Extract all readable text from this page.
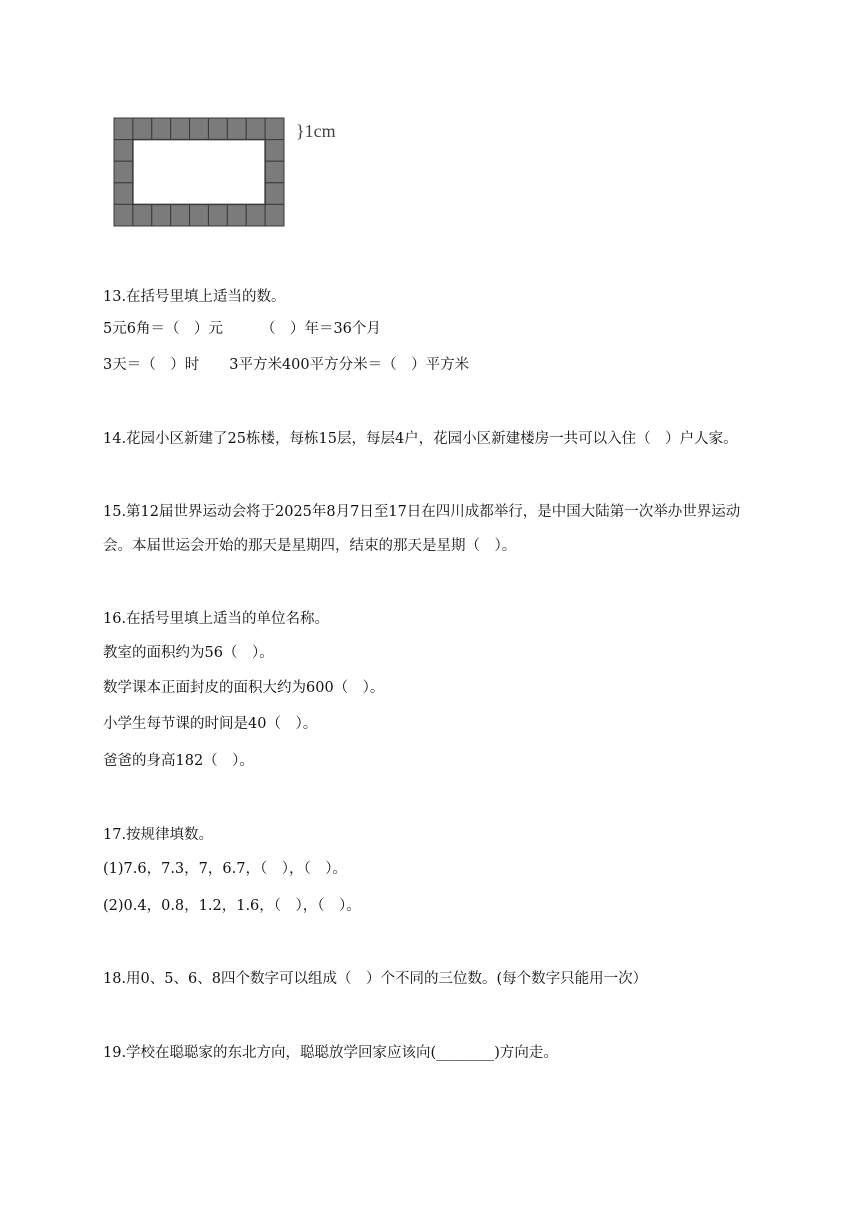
}1cm
13.在括号里填上适当的数。
5元6角＝（　）元	（　）年＝36个月
3天＝（　）时 3平方米400平方分米＝（　）平方米
14.花园小区新建了25栋楼，每栋15层，每层4户，花园小区新建楼房一共可以入住（　）户人家。
15.第12届世界运动会将于2025年8月7日至17日在四川成都举行，是中国大陆第一次举办世界运动
会。本届世运会开始的那天是星期四，结束的那天是星期（　）。
16.在括号里填上适当的单位名称。
教室的面积约为56（　）。
数学课本正面封皮的面积大约为600（　）。
小学生每节课的时间是40（　）。
爸爸的身高182（　）。
17.按规律填数。
(1)7.6，7.3，7，6.7，（　），（　）。
(2)0.4，0.8，1.2，1.6，（　），（　）。
18.用0、5、6、8四个数字可以组成（　）个不同的三位数。(每个数字只能用一次）
19.学校在聪聪家的东北方向，聪聪放学回家应该向(________)方向走。
